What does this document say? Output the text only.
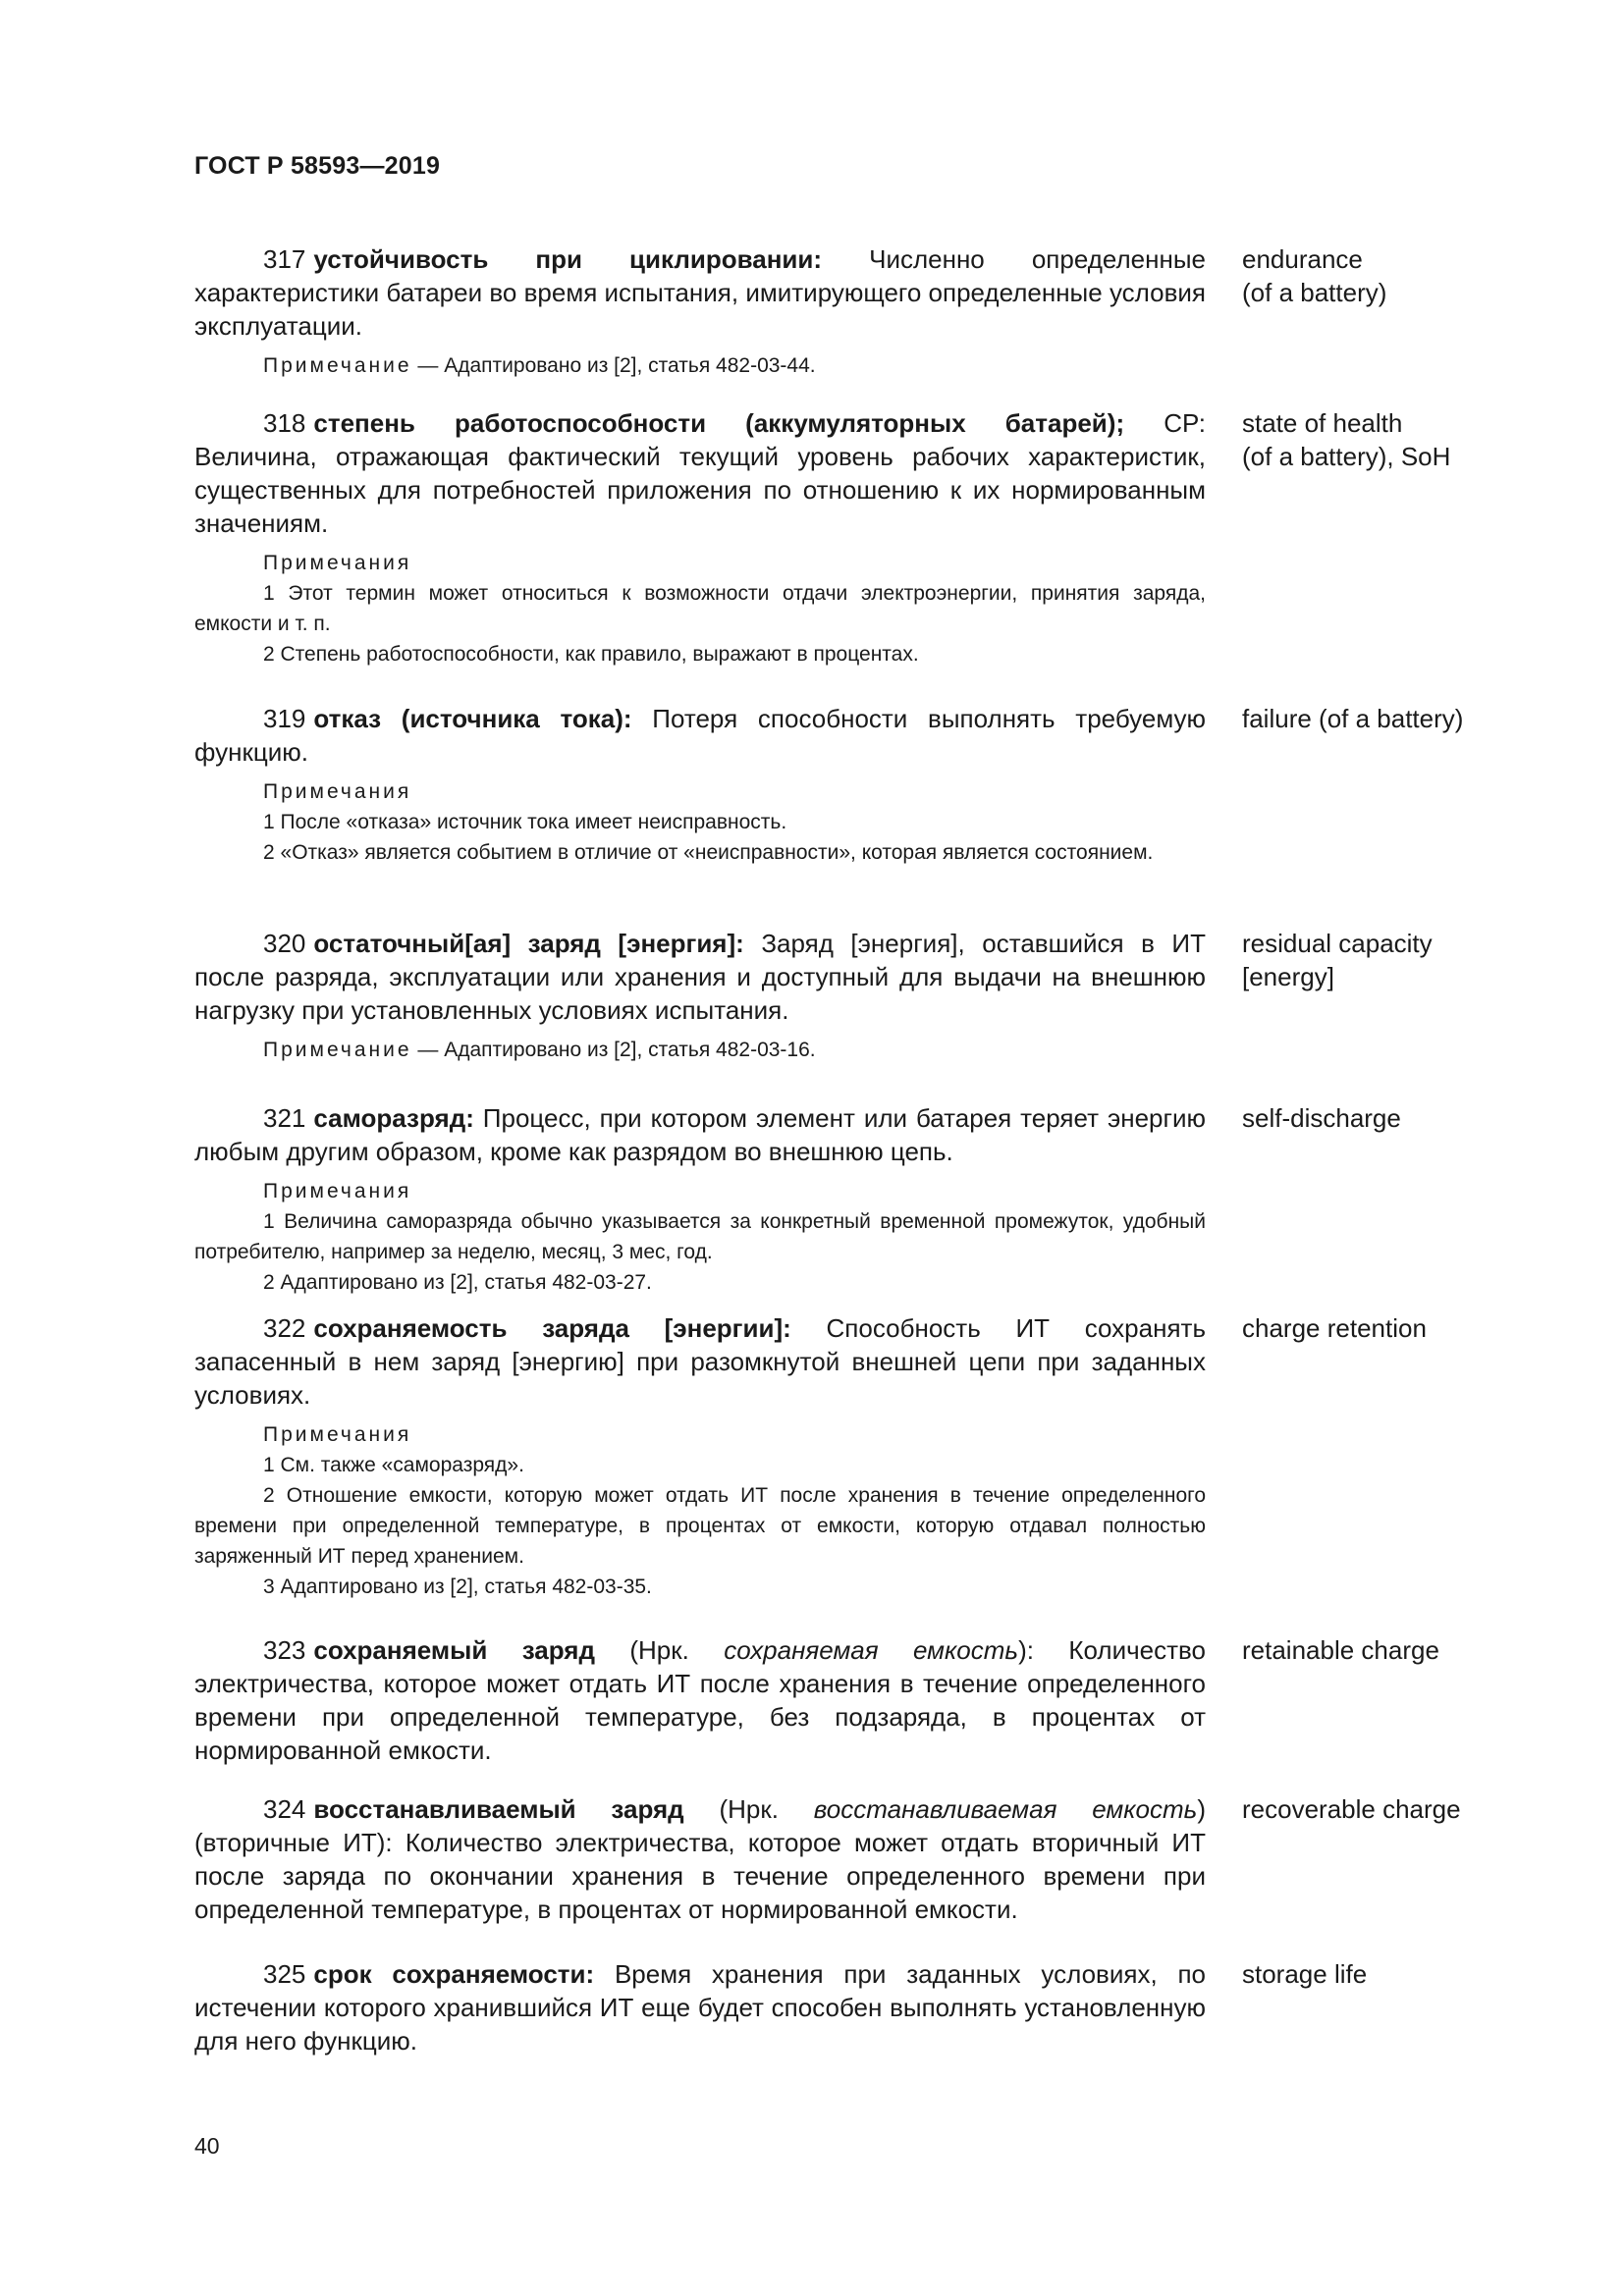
ГОСТ Р 58593—2019
317 устойчивость при циклировании: Численно определенные характеристики батареи во время испытания, имитирующего определенные условия эксплуатации.
endurance
(of a battery)
Примечание — Адаптировано из [2], статья 482-03-44.
318 степень работоспособности (аккумуляторных батарей); СР: Величина, отражающая фактический текущий уровень рабочих характеристик, существенных для потребностей приложения по отношению к их нормированным значениям.
state of health
(of a battery), SoH
Примечания
1 Этот термин может относиться к возможности отдачи электроэнергии, принятия заряда, емкости и т. п.
2 Степень работоспособности, как правило, выражают в процентах.
319 отказ (источника тока): Потеря способности выполнять требуемую функцию.
failure (of a battery)
Примечания
1 После «отказа» источник тока имеет неисправность.
2 «Отказ» является событием в отличие от «неисправности», которая является состоянием.
320 остаточный[ая] заряд [энергия]: Заряд [энергия], оставшийся в ИТ после разряда, эксплуатации или хранения и доступный для выдачи на внешнюю нагрузку при установленных условиях испытания.
residual capacity
[energy]
Примечание — Адаптировано из [2], статья 482-03-16.
321 саморазряд: Процесс, при котором элемент или батарея теряет энергию любым другим образом, кроме как разрядом во внешнюю цепь.
self-discharge
Примечания
1 Величина саморазряда обычно указывается за конкретный временной промежуток, удобный потребителю, например за неделю, месяц, 3 мес, год.
2 Адаптировано из [2], статья 482-03-27.
322 сохраняемость заряда [энергии]: Способность ИТ сохранять запасенный в нем заряд [энергию] при разомкнутой внешней цепи при заданных условиях.
charge retention
Примечания
1 См. также «саморазряд».
2 Отношение емкости, которую может отдать ИТ после хранения в течение определенного времени при определенной температуре, в процентах от емкости, которую отдавал полностью заряженный ИТ перед хранением.
3 Адаптировано из [2], статья 482-03-35.
323 сохраняемый заряд (Нрк. сохраняемая емкость): Количество электричества, которое может отдать ИТ после хранения в течение определенного времени при определенной температуре, без подзаряда, в процентах от нормированной емкости.
retainable charge
324 восстанавливаемый заряд (Нрк. восстанавливаемая емкость) (вторичные ИТ): Количество электричества, которое может отдать вторичный ИТ после заряда по окончании хранения в течение определенного времени при определенной температуре, в процентах от нормированной емкости.
recoverable charge
325 срок сохраняемости: Время хранения при заданных условиях, по истечении которого хранившийся ИТ еще будет способен выполнять установленную для него функцию.
storage life
40
